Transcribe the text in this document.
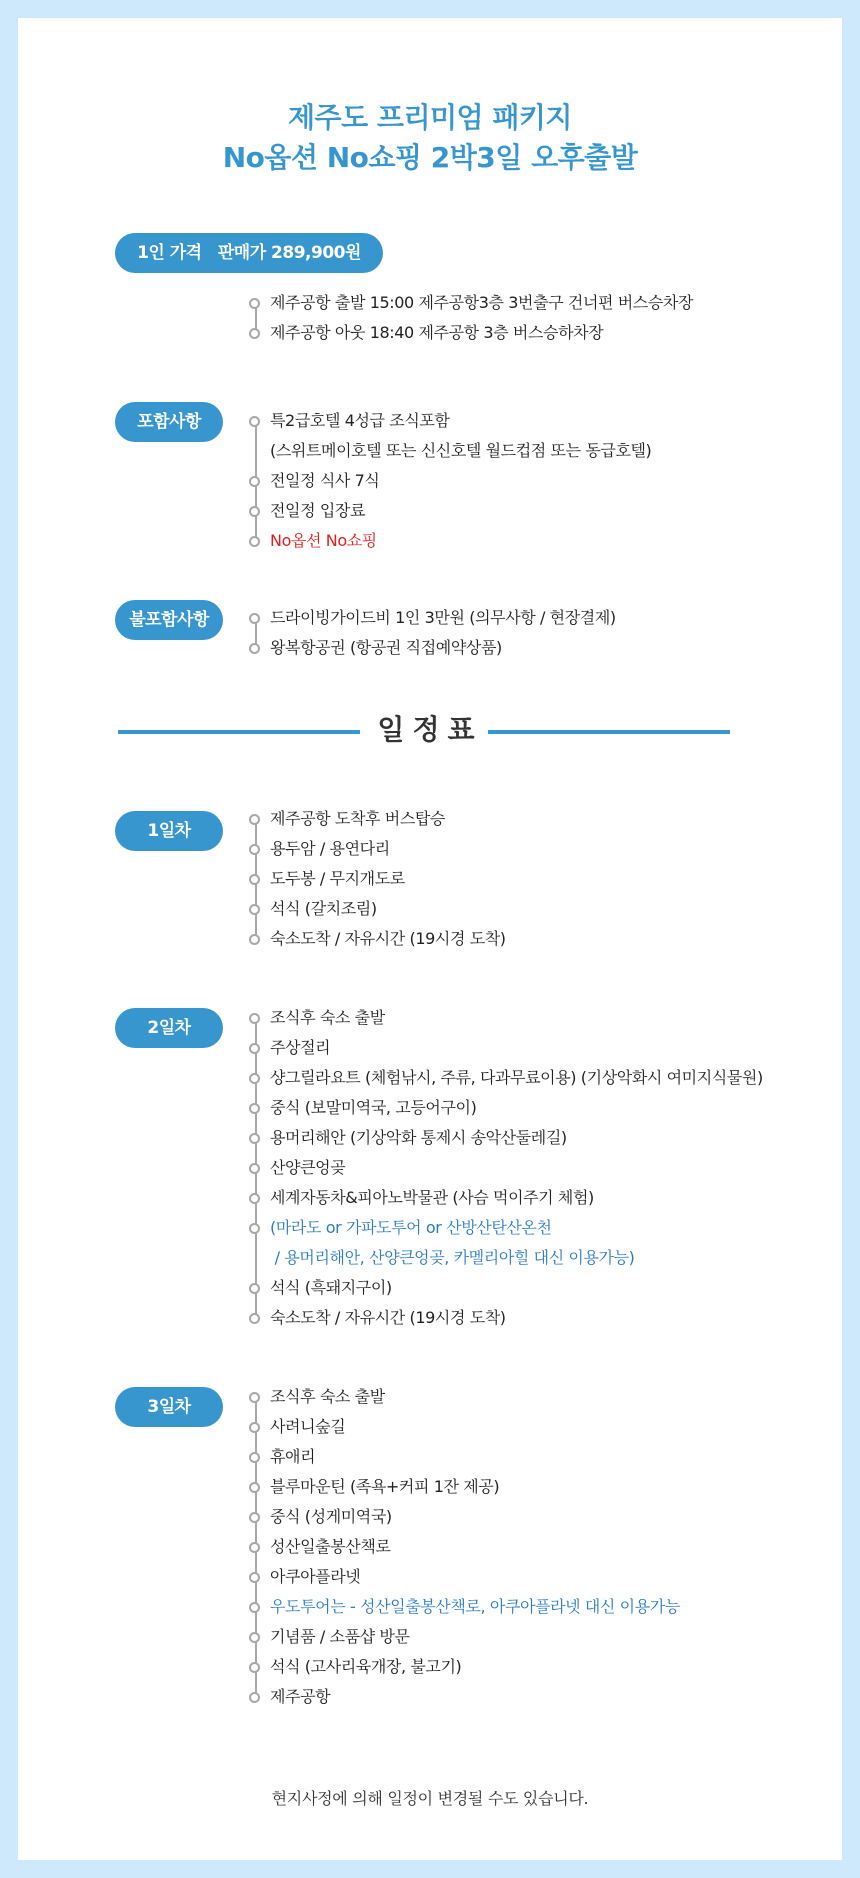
제주도 프리미엄 패키지
No옵션 No쇼핑 2박3일 오후출발
1인 가격 판매가 289,900원
제주공항 출발 15:00 제주공항3층 3번출구 건너편 버스승차장
제주공항 아웃 18:40 제주공항 3층 버스승하차장
포함사항	특2급호텔 4성급 조식포함
(스위트메이호텔 또는 신신호텔 월드컵점 또는 동급호텔)
전일정 식사 7식
전일정 입장료
No옵션 No쇼핑
불포함사항	드라이빙가이드비 1인 3만원 (의무사항 / 현장결제)
왕복항공권 (항공권 직접예약상품)
일정표
1일차
제주공항 도착후 버스탑승
용두암 / 용연다리
도두봉 / 무지개도로
석식 (갈치조림)
숙소도착 / 자유시간 (19시경 도착)
2일차
조식후 숙소 출발
주상절리
샹그릴라요트 (체험낚시, 주류, 다과무료이용) (기상악화시 여미지식물원)
중식 (보말미역국, 고등어구이)
용머리해안 (기상악화 통제시 송악산둘레길)
산양큰엉곶
세계자동차&피아노박물관 (사슴 먹이주기 체험)
(마라도 or 가파도투어 or 산방산탄산온천
/ 용머리해안, 산양큰엉곶, 카멜리아힐 대신 이용가능)
석식 (흑돼지구이)
숙소도착 / 자유시간 (19시경 도착)
3일차
조식후 숙소 출발
사려니숲길
휴애리
블루마운틴 (족욕+커피 1잔 제공)
중식 (성게미역국)
성산일출봉산책로
아쿠아플라넷
우도투어는 - 성산일출봉산책로, 아쿠아플라넷 대신 이용가능
기념품 / 소품샵 방문
석식 (고사리육개장, 불고기)
제주공항
현지사정에 의해 일정이 변경될 수도 있습니다.
